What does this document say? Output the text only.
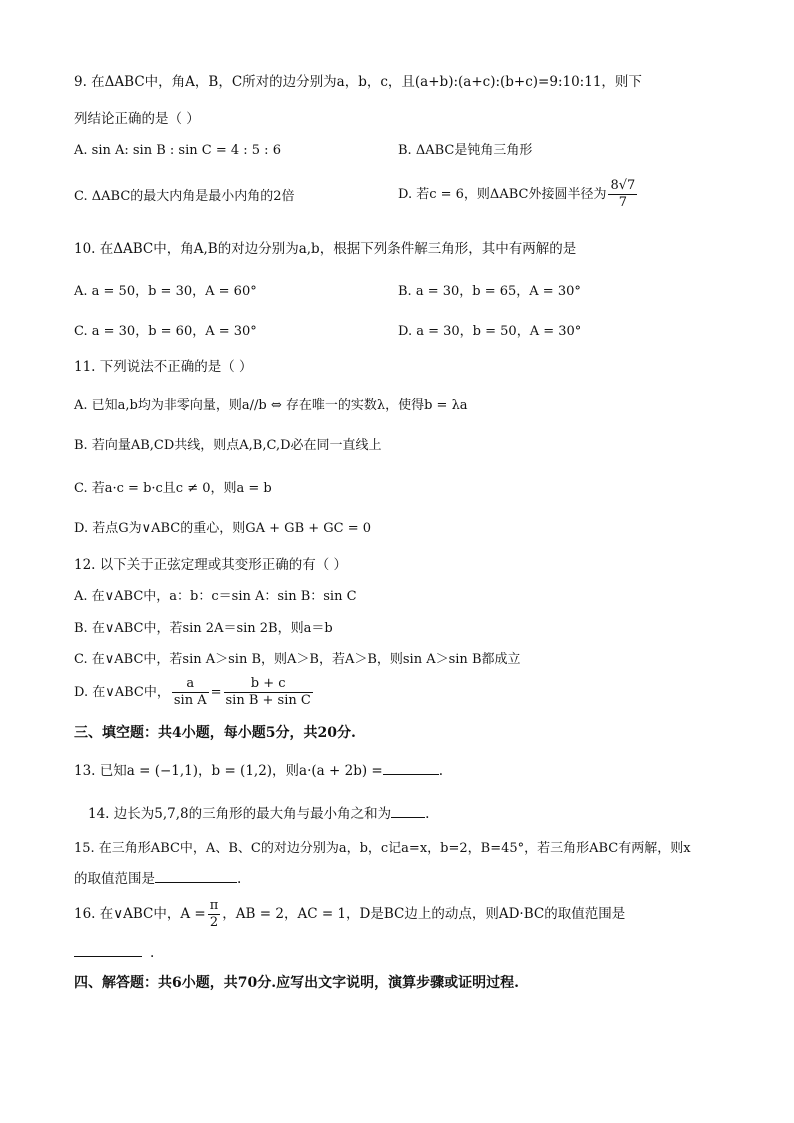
9. 在ΔABC中，角A，B，C所对的边分别为a，b，c，且(a+b):(a+c):(b+c)=9:10:11，则下
列结论正确的是（ ）
A. sin A: sin B : sin C = 4 : 5 : 6	B. ΔABC是钝角三角形
C. ΔABC的最大内角是最小内角的2倍	D. 若c = 6，则ΔABC外接圆半径为 $\frac{8√7}{7}$
10. 在ΔABC中，角A,B的对边分别为a,b，根据下列条件解三角形，其中有两解的是
A. a = 50，b = 30，A = 60°	B. a = 30，b = 65，A = 30°
C. a = 30，b = 60，A = 30°	D. a = 30，b = 50，A = 30°
11. 下列说法不正确的是（ ）
A. 已知a,b均为非零向量，则a//b ⇔ 存在唯一的实数λ，使得b = λa
B. 若向量AB,CD共线，则点A,B,C,D必在同一直线上
C. 若a·c = b·c且c ≠ 0，则a = b
D. 若点G为∨ABC的重心，则GA + GB + GC = 0
12. 以下关于正弦定理或其变形正确的有（ ）
A. 在∨ABC中，a：b：c＝sin A：sin B：sin C
B. 在∨ABC中，若sin 2A＝sin 2B，则a＝b
C. 在∨ABC中，若sin A＞sin B，则A＞B，若A＞B，则sin A＞sin B都成立
D. 在∨ABC中， $\frac{a}{\text{sin A}} = \frac{b + c}{\text{sin B + sin C}}$
三、填空题：共4小题，每小题5分，共20分.
13. 已知a = (−1,1)，b = (1,2)，则a·(a + 2b) =	.
14. 边长为5,7,8的三角形的最大角与最小角之和为	.
15. 在三角形ABC中，A、B、C的对边分别为a，b，c记a=x，b=2，B=45°，若三角形ABC有两解，则x
的取值范围是	.
16. 在∨ABC中，$A = \frac{\pi}{2}$ ，AB = 2，AC = 1，D是BC边上的动点，则AD·BC的取值范围是
.
四、解答题：共6小题，共70分.应写出文字说明，演算步骤或证明过程.
